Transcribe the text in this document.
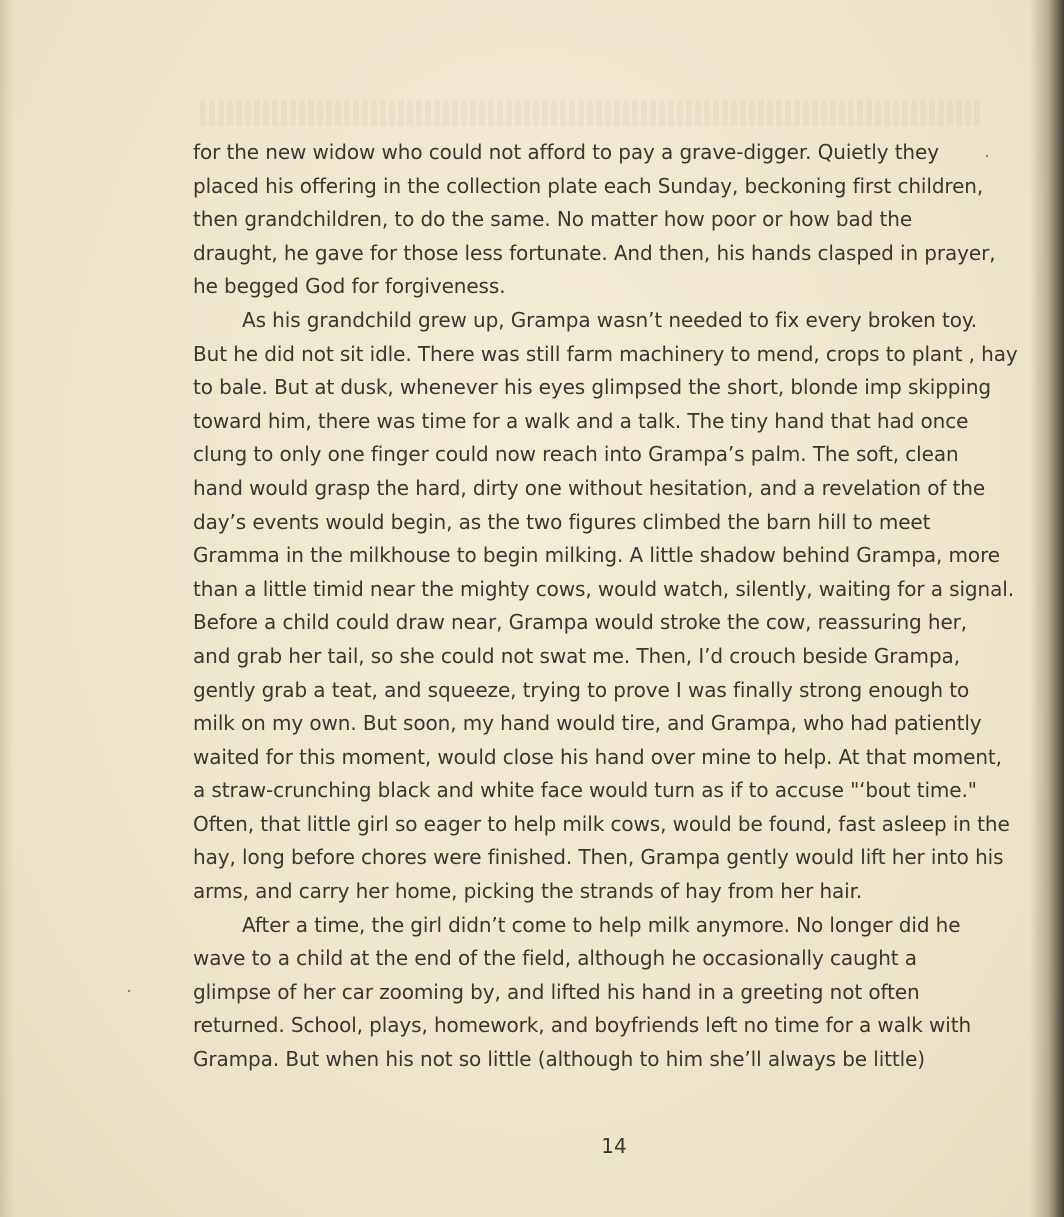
for the new widow who could not afford to pay a grave-digger. Quietly they
placed his offering in the collection plate each Sunday, beckoning first children,
then grandchildren, to do the same. No matter how poor or how bad the
draught, he gave for those less fortunate. And then, his hands clasped in prayer,
he begged God for forgiveness.

As his grandchild grew up, Grampa wasn’t needed to fix every broken toy.
But he did not sit idle. There was still farm machinery to mend, crops to plant , hay
to bale. But at dusk, whenever his eyes glimpsed the short, blonde imp skipping
toward him, there was time for a walk and a talk. The tiny hand that had once
clung to only one finger could now reach into Grampa’s palm. The soft, clean
hand would grasp the hard, dirty one without hesitation, and a revelation of the
day’s events would begin, as the two figures climbed the barn hill to meet
Gramma in the milkhouse to begin milking. A little shadow behind Grampa, more
than a little timid near the mighty cows, would watch, silently, waiting for a signal.
Before a child could draw near, Grampa would stroke the cow, reassuring her,
and grab her tail, so she could not swat me. Then, I’d crouch beside Grampa,
gently grab a teat, and squeeze, trying to prove I was finally strong enough to
milk on my own. But soon, my hand would tire, and Grampa, who had patiently
waited for this moment, would close his hand over mine to help. At that moment,
a straw-crunching black and white face would turn as if to accuse "‘bout time."
Often, that little girl so eager to help milk cows, would be found, fast asleep in the
hay, long before chores were finished. Then, Grampa gently would lift her into his
arms, and carry her home, picking the strands of hay from her hair.

After a time, the girl didn’t come to help milk anymore. No longer did he
wave to a child at the end of the field, although he occasionally caught a
glimpse of her car zooming by, and lifted his hand in a greeting not often
returned. School, plays, homework, and boyfriends left no time for a walk with
Grampa. But when his not so little (although to him she’ll always be little)

14
